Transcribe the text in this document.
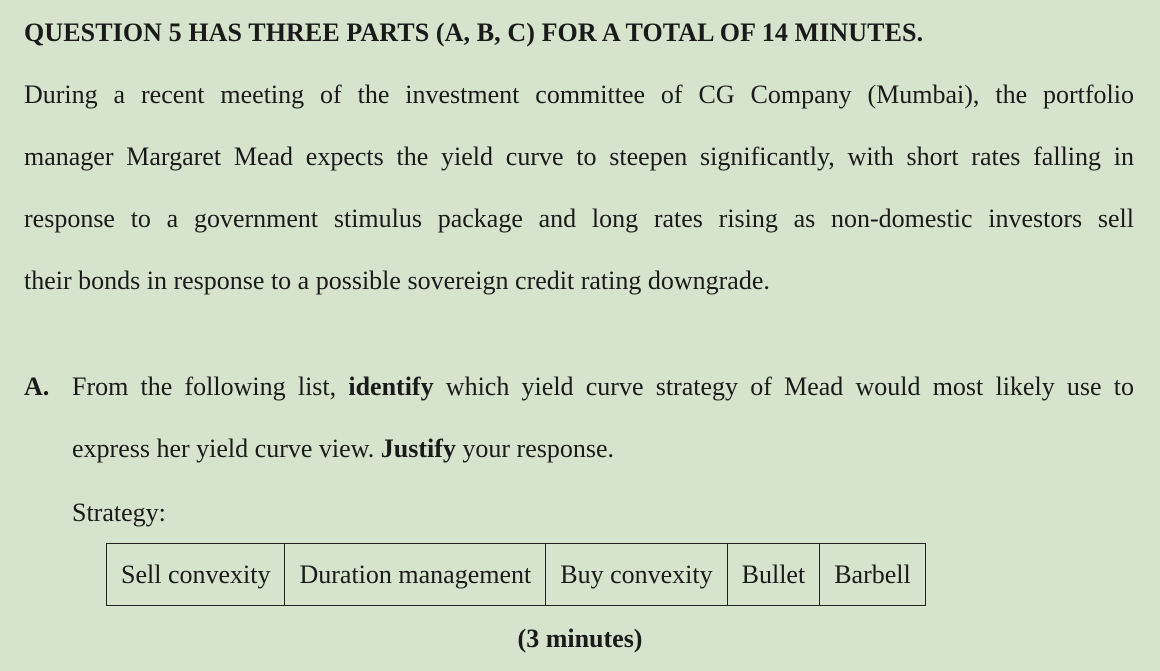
QUESTION 5 HAS THREE PARTS (A, B, C) FOR A TOTAL OF 14 MINUTES.
During a recent meeting of the investment committee of CG Company (Mumbai), the portfolio
manager Margaret Mead expects the yield curve to steepen significantly, with short rates falling in
response to a government stimulus package and long rates rising as non-domestic investors sell
their bonds in response to a possible sovereign credit rating downgrade.
A. From the following list, identify which yield curve strategy of Mead would most likely use to
express her yield curve view. Justify your response.
Strategy:
Sell convexity	Duration management	Buy convexity	Bullet	Barbell
(3 minutes)
